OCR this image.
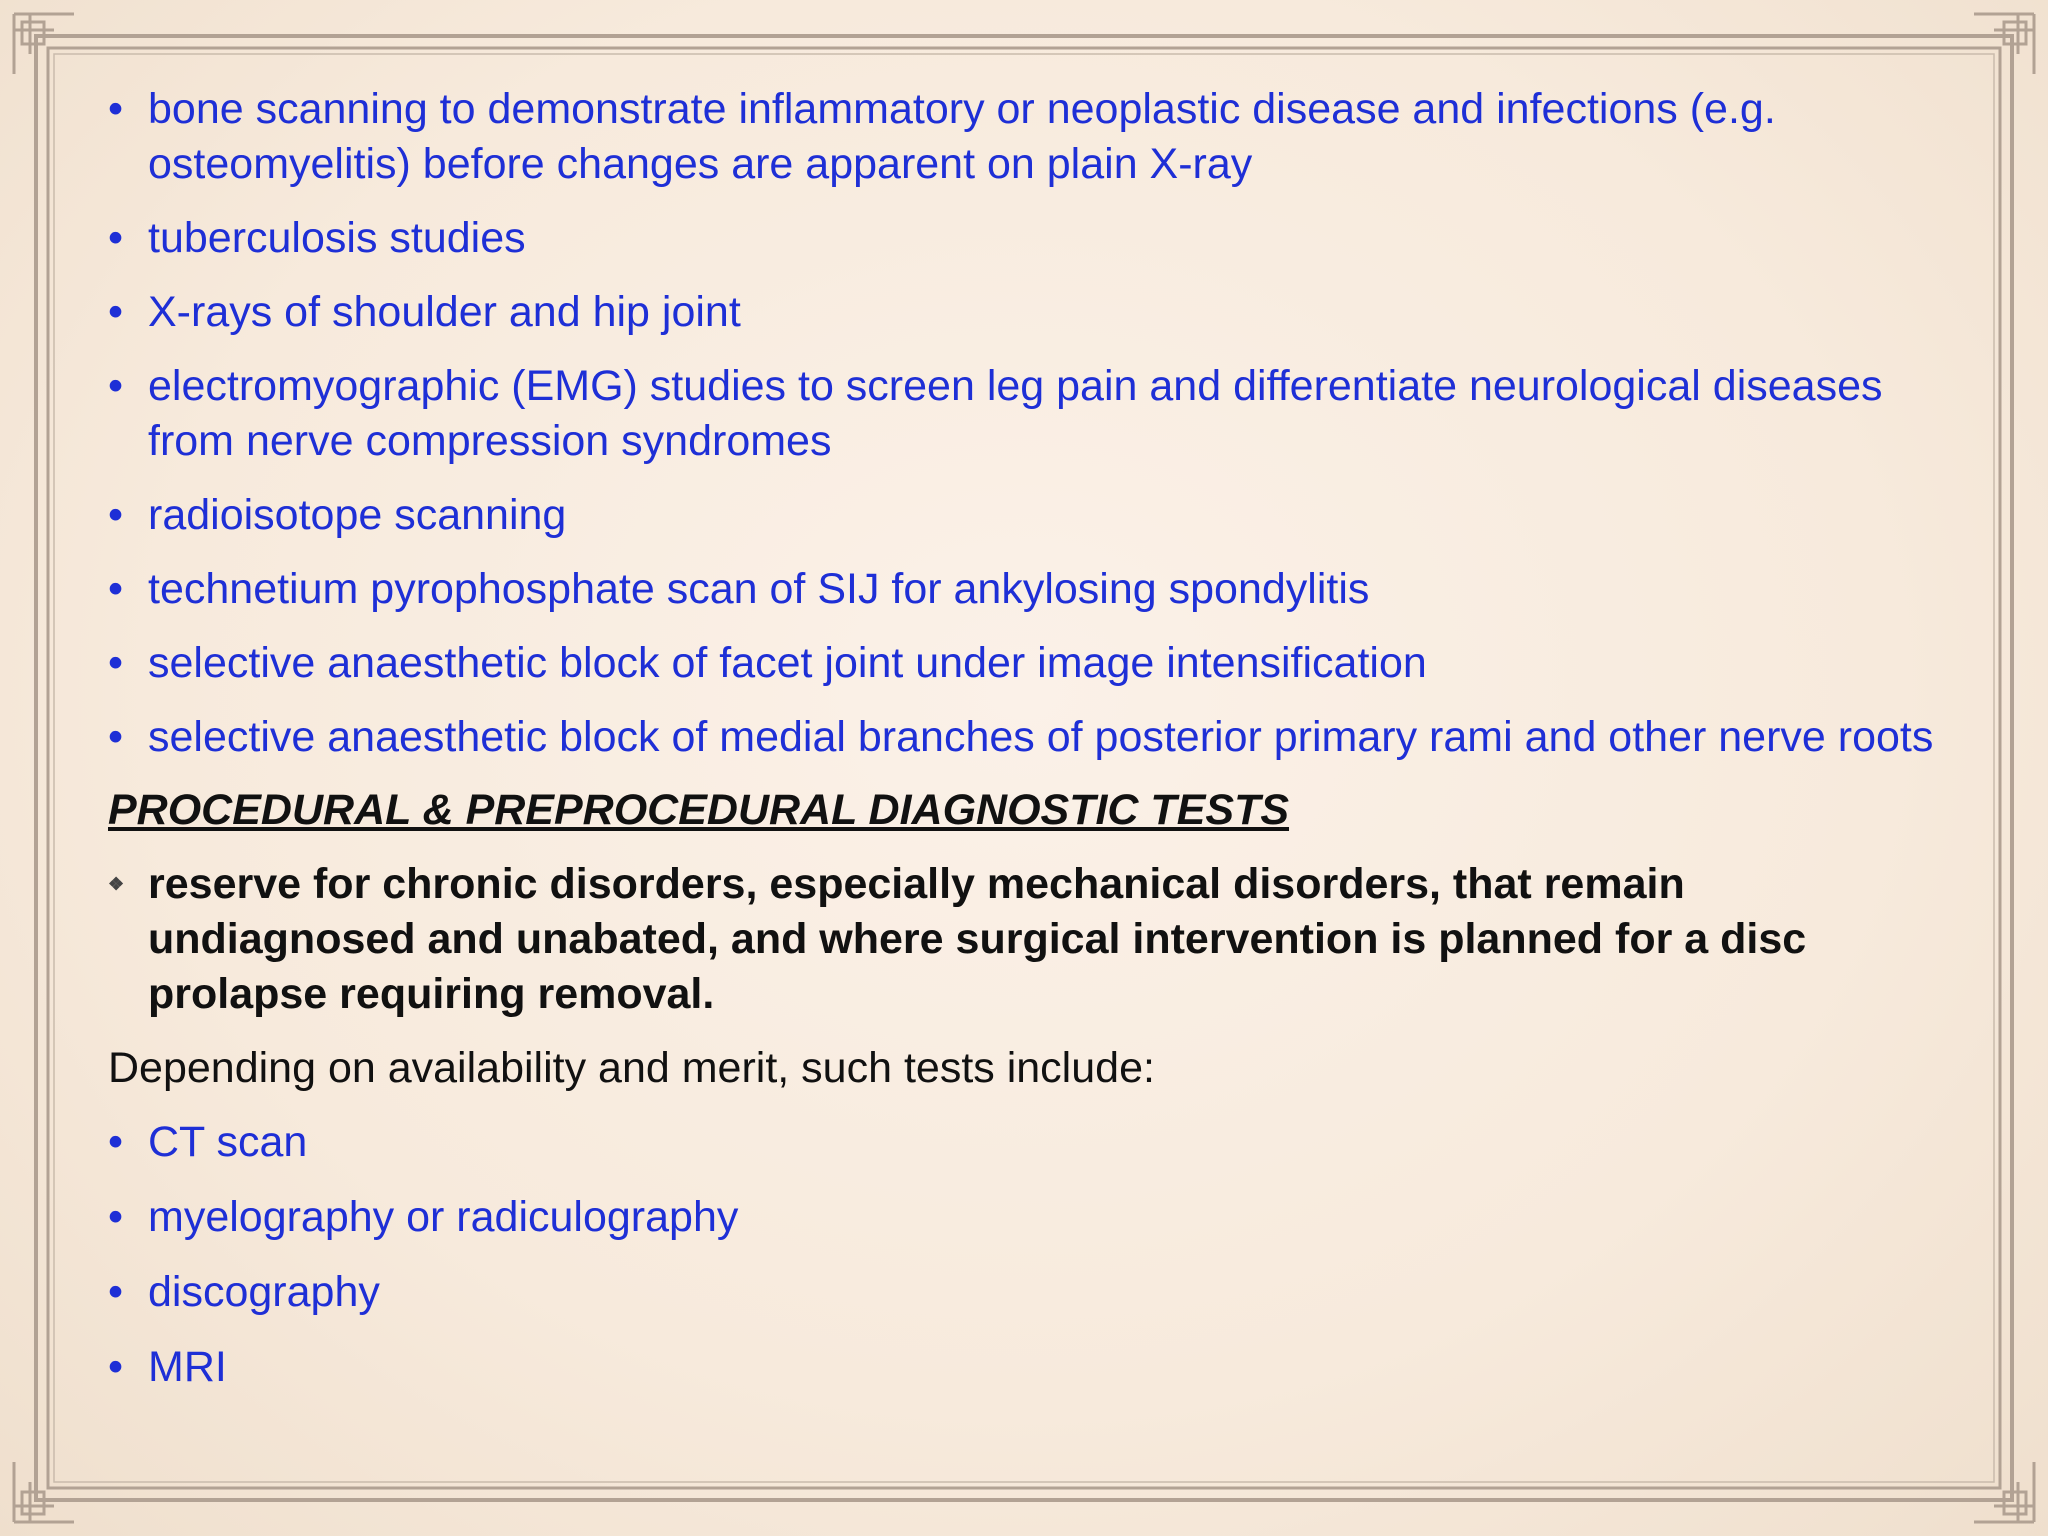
• bone scanning to demonstrate inflammatory or neoplastic disease and infections (e.g. osteomyelitis) before changes are apparent on plain X-ray
• tuberculosis studies
• X-rays of shoulder and hip joint
• electromyographic (EMG) studies to screen leg pain and differentiate neurological diseases from nerve compression syndromes
• radioisotope scanning
• technetium pyrophosphate scan of SIJ for ankylosing spondylitis
• selective anaesthetic block of facet joint under image intensification
• selective anaesthetic block of medial branches of posterior primary rami and other nerve roots
PROCEDURAL & PREPROCEDURAL DIAGNOSTIC TESTS
❖ reserve for chronic disorders, especially mechanical disorders, that remain undiagnosed and unabated, and where surgical intervention is planned for a disc prolapse requiring removal.
Depending on availability and merit, such tests include:
• CT scan
• myelography or radiculography
• discography
• MRI
